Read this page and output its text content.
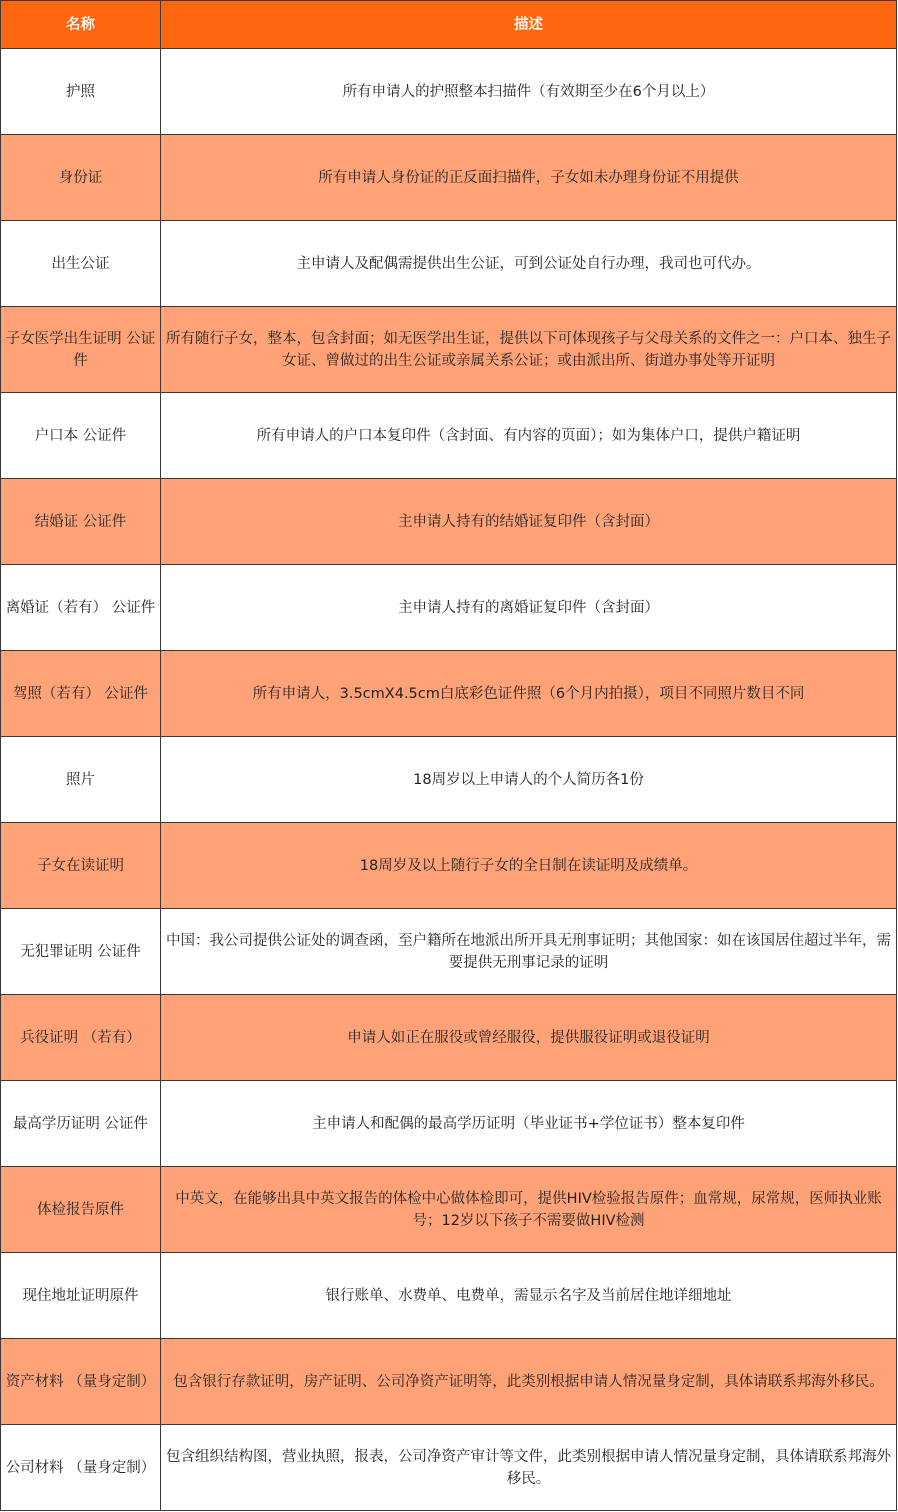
名称	描述
护照	所有申请人的护照整本扫描件（有效期至少在6个月以上）
身份证	所有申请人身份证的正反面扫描件，子女如未办理身份证不用提供
出生公证	主申请人及配偶需提供出生公证，可到公证处自行办理，我司也可代办。
子女医学出生证明 公证件	所有随行子女，整本，包含封面；如无医学出生证，提供以下可体现孩子与父母关系的文件之一：户口本、独生子女证、曾做过的出生公证或亲属关系公证；或由派出所、街道办事处等开证明
户口本 公证件	所有申请人的户口本复印件（含封面、有内容的页面）；如为集体户口，提供户籍证明
结婚证 公证件	主申请人持有的结婚证复印件（含封面）
离婚证（若有） 公证件	主申请人持有的离婚证复印件（含封面）
驾照（若有） 公证件	所有申请人，3.5cmX4.5cm白底彩色证件照（6个月内拍摄），项目不同照片数目不同
照片	18周岁以上申请人的个人简历各1份
子女在读证明	18周岁及以上随行子女的全日制在读证明及成绩单。
无犯罪证明 公证件	中国：我公司提供公证处的调查函，至户籍所在地派出所开具无刑事证明；其他国家：如在该国居住超过半年，需要提供无刑事记录的证明
兵役证明 （若有）	申请人如正在服役或曾经服役，提供服役证明或退役证明
最高学历证明 公证件	主申请人和配偶的最高学历证明（毕业证书+学位证书）整本复印件
体检报告原件	中英文，在能够出具中英文报告的体检中心做体检即可，提供HIV检验报告原件；血常规，尿常规，医师执业账号；12岁以下孩子不需要做HIV检测
现住地址证明原件	银行账单、水费单、电费单，需显示名字及当前居住地详细地址
资产材料 （量身定制）	包含银行存款证明，房产证明、公司净资产证明等，此类别根据申请人情况量身定制，具体请联系邦海外移民。
公司材料 （量身定制）	包含组织结构图，营业执照，报表，公司净资产审计等文件，此类别根据申请人情况量身定制，具体请联系邦海外移民。
